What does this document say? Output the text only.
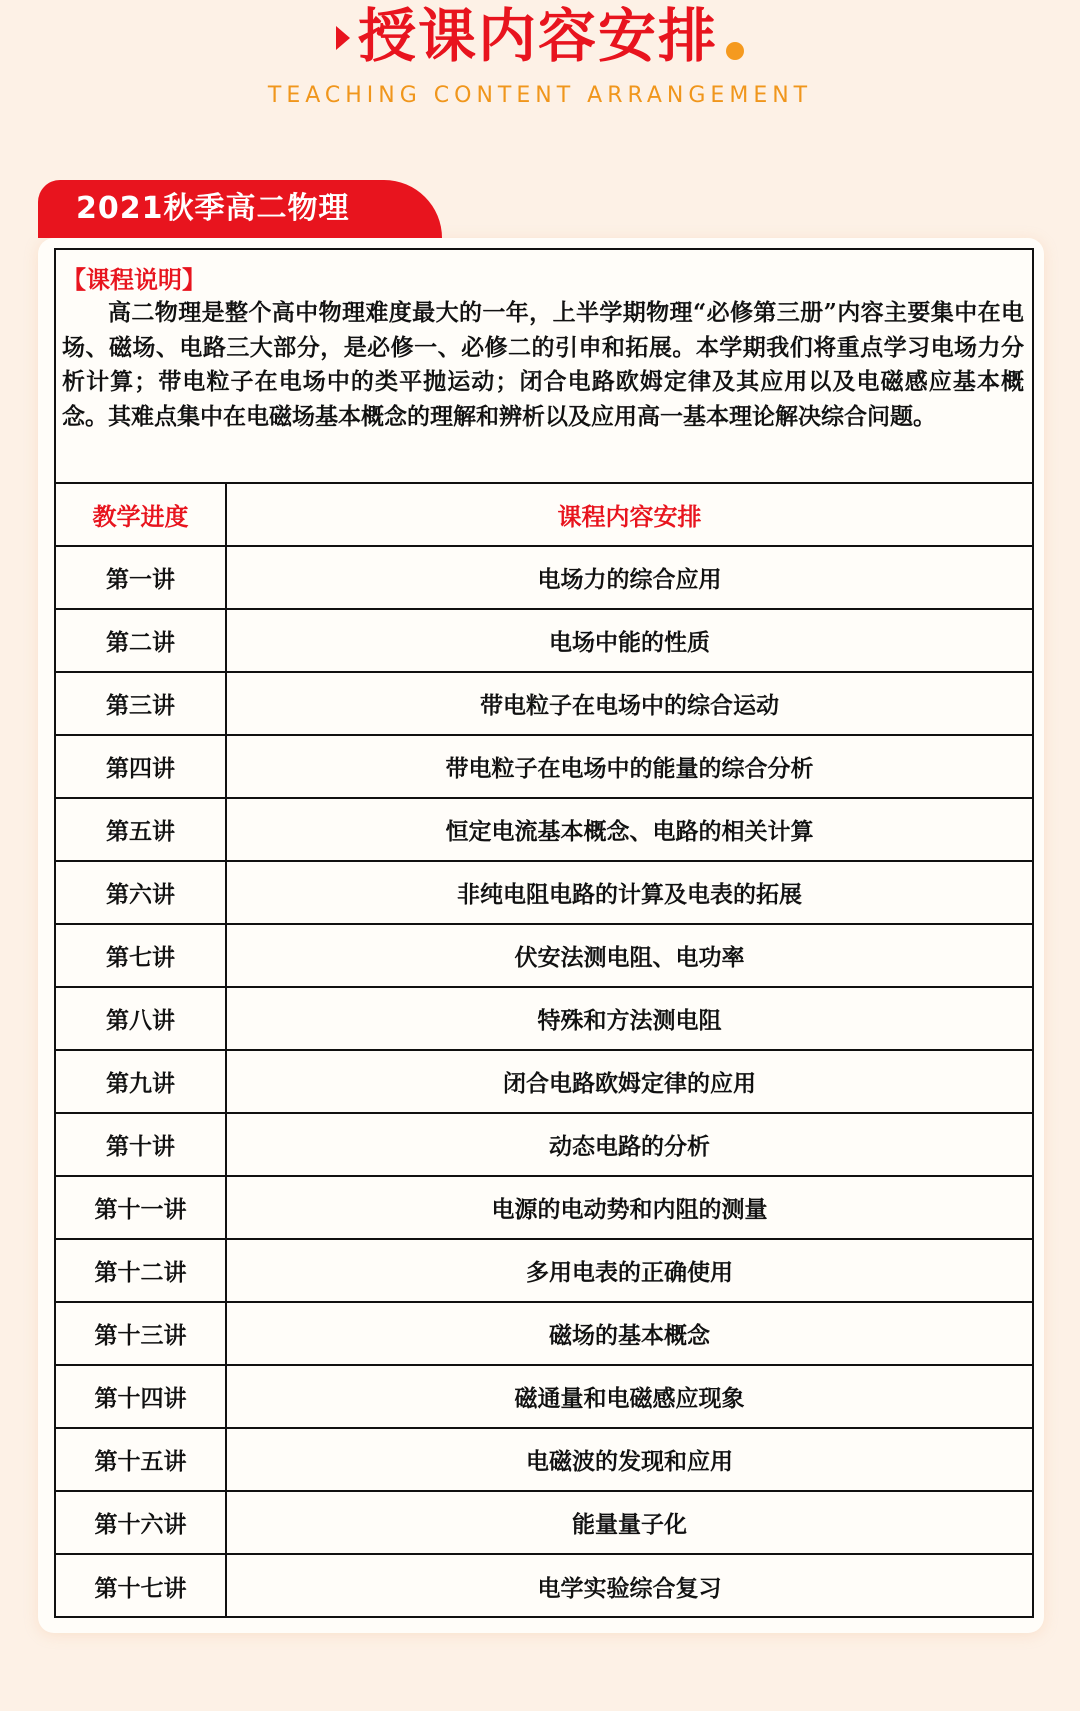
授课内容安排
TEACHING CONTENT ARRANGEMENT
2021秋季高二物理
【课程说明】
高二物理是整个高中物理难度最大的一年，上半学期物理“必修第三册”内容主要集中在电场、磁场、电路三大部分，是必修一、必修二的引申和拓展。本学期我们将重点学习电场力分析计算；带电粒子在电场中的类平抛运动；闭合电路欧姆定律及其应用以及电磁感应基本概念。其难点集中在电磁场基本概念的理解和辨析以及应用高一基本理论解决综合问题。
教学进度	课程内容安排
第一讲	电场力的综合应用
第二讲	电场中能的性质
第三讲	带电粒子在电场中的综合运动
第四讲	带电粒子在电场中的能量的综合分析
第五讲	恒定电流基本概念、电路的相关计算
第六讲	非纯电阻电路的计算及电表的拓展
第七讲	伏安法测电阻、电功率
第八讲	特殊和方法测电阻
第九讲	闭合电路欧姆定律的应用
第十讲	动态电路的分析
第十一讲	电源的电动势和内阻的测量
第十二讲	多用电表的正确使用
第十三讲	磁场的基本概念
第十四讲	磁通量和电磁感应现象
第十五讲	电磁波的发现和应用
第十六讲	能量量子化
第十七讲	电学实验综合复习
